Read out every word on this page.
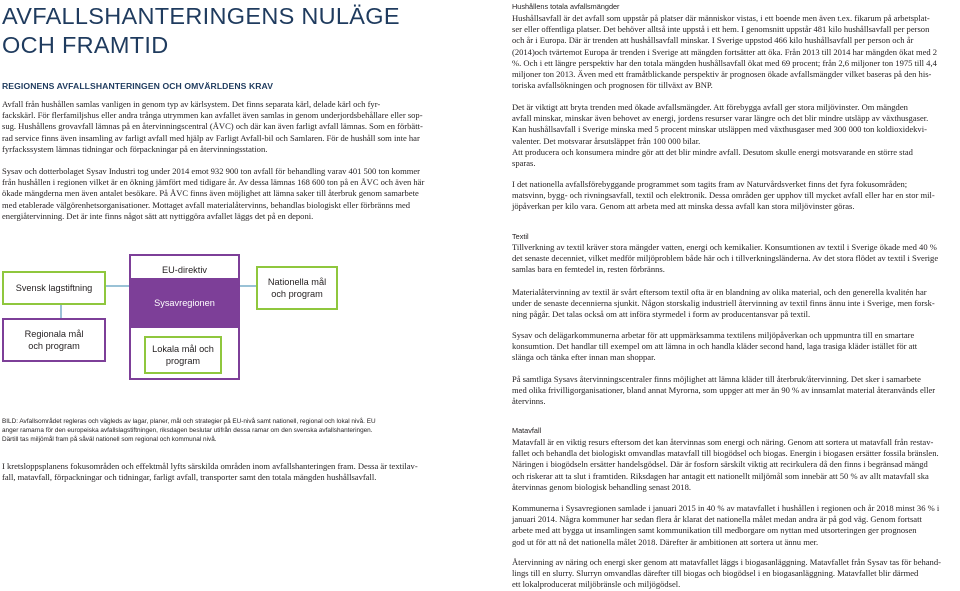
AVFALLSHANTERINGENS NULÄGE
OCH FRAMTID
REGIONENS AVFALLSHANTERINGEN OCH OMVÄRLDENS KRAV

Avfall från hushållen samlas vanligen in genom typ av kärlsystem. Det finns separata kärl, delade kärl och fyr-
fackskärl. För flerfamiljshus eller andra trånga utrymmen kan avfallet även samlas in genom underjordsbehållare eller sop-
sug. Hushållens grovavfall lämnas på en återvinningscentral (ÅVC) och där kan även farligt avfall lämnas. Som en förbätt-
rad service finns även insamling av farligt avfall med hjälp av Farligt Avfall-bil och Samlaren. För de hushåll som inte har
fyrfackssystem lämnas tidningar och förpackningar på en återvinningsstation.

Sysav och dotterbolaget Sysav Industri tog under 2014 emot 932 900 ton avfall för behandling varav 401 500 ton kommer
från hushållen i regionen vilket är en ökning jämfört med tidigare år. Av dessa lämnas 168 600 ton på en ÅVC och även här
ökade mängderna men även antalet besökare. På ÅVC finns även möjlighet att lämna saker till återbruk genom samarbete
med etablerade välgörenhetsorganisationer. Mottaget avfall materialåtervinns, behandlas biologiskt eller förbränns med
energiåtervinning. Det är inte finns något sätt att nyttiggöra avfallet läggs det på en deponi.

Svensk lagstiftning
EU-direktiv
Sysavregionen
Lokala mål och
program
Nationella mål
och program
Regionala mål
och program
BILD: Avfallsområdet regleras och vägleds av lagar, planer, mål och strategier på EU-nivå samt nationell, regional och lokal nivå. EU
anger ramarna för den europeiska avfallslagstiftningen, riksdagen beslutar utifrån dessa ramar om den svenska avfallshanteringen.
Därtill tas miljömål fram på såväl nationell som regional och kommunal nivå.

I kretsloppsplanens fokusområden och effektmål lyfts särskilda områden inom avfallshanteringen fram. Dessa är textilav-
fall, matavfall, förpackningar och tidningar, farligt avfall, transporter samt den totala mängden hushållsavfall.

Hushållens totala avfallsmängder

Hushållsavfall är det avfall som uppstår på platser där människor vistas, i ett boende men även t.ex. fikarum på arbetsplat-
ser eller offentliga platser. Det behöver alltså inte uppstå i ett hem. I genomsnitt uppstår 481 kilo hushållsavfall per person
och år i Europa. Där är trenden att hushållsavfall minskar. I Sverige uppstod 466 kilo hushållsavfall per person och år
(2014)och tvärtemot Europa är trenden i Sverige att mängden fortsätter att öka. Från 2013 till 2014 har mängden ökat med 2
%. Och i ett längre perspektiv har den totala mängden hushållsavfall ökat med 69 procent; från 2,6 miljoner ton 1975 till 4,4
miljoner ton 2013. Även med ett framåtblickande perspektiv är prognosen ökade avfallsmängder vilket baseras på den his-
toriska avfallsökningen och prognosen för tillväxt av BNP.

Det är viktigt att bryta trenden med ökade avfallsmängder. Att förebygga avfall ger stora miljövinster. Om mängden
avfall minskar, minskar även behovet av energi, jordens resurser varar längre och det blir mindre utsläpp av växthusgaser.
Kan hushållsavfall i Sverige minska med 5 procent minskar utsläppen med växthusgaser med 300 000 ton koldioxidekvi-
valenter. Det motsvarar årsutsläppet från 100 000 bilar.
Att producera och konsumera mindre gör att det blir mindre avfall. Desutom skulle energi motsvarande en större stad
sparas.

I det nationella avfallsförebyggande programmet som tagits fram av Naturvårdsverket finns det fyra fokusområden;
matsvinn, bygg- och rivningsavfall, textil och elektronik. Dessa områden ger upphov till mycket avfall eller har en stor mil-
jöpåverkan per kilo vara. Genom att arbeta med att minska dessa avfall kan stora miljövinster göras.

Textil

Tillverkning av textil kräver stora mängder vatten, energi och kemikalier. Konsumtionen av textil i Sverige ökade med 40 %
det senaste decenniet, vilket medför miljöproblem både här och i tillverkningsländerna. Av det stora flödet av textil i Sverige
samlas bara en femtedel in, resten förbränns.

Materialåtervinning av textil är svårt eftersom textil ofta är en blandning av olika material, och den generella kvalitén har
under de senaste decennierna sjunkit. Någon storskalig industriell återvinning av textil finns ännu inte i Sverige, men forsk-
ning pågår. Det talas också om att införa styrmedel i form av producentansvar på textil.

Sysav och delägarkommunerna arbetar för att uppmärksamma textilens miljöpåverkan och uppmuntra till en smartare
konsumtion. Det handlar till exempel om att lämna in och handla kläder second hand, laga trasiga kläder istället för att
slänga och tänka efter innan man shoppar.

På samtliga Sysavs återvinningscentraler finns möjlighet att lämna kläder till återbruk/återvinning. Det sker i samarbete
med olika frivilligorganisationer, bland annat Myrorna, som uppger att mer än 90 % av innsamlat material återanvänds eller
återvinns.

Matavfall

Matavfall är en viktig resurs eftersom det kan återvinnas som energi och näring. Genom att sortera ut matavfall från restav-
fallet och behandla det biologiskt omvandlas matavfall till biogödsel och biogas. Energin i biogasen ersätter fossila bränslen.
Näringen i biogödseln ersätter handelsgödsel. Där är fosforn särskilt viktig att recirkulera då den finns i begränsad mängd
och riskerar att ta slut i framtiden. Riksdagen har antagit ett nationellt miljömål som innebär att 50 % av allt matavfall ska
återvinnas genom biologisk behandling senast 2018.

Kommunerna i Sysavregionen samlade i januari 2015 in 40 % av matavfallet i hushållen i regionen och år 2018 minst 36 % i
januari 2014. Några kommuner har sedan flera år klarat det nationella målet medan andra är på god väg. Genom fortsatt
arbete med att bygga ut insamlingen samt kommunikation till medborgare om nyttan med utsorteringen ger prognosen
god ut för att nå det nationella målet 2018. Därefter är ambitionen att sortera ut ännu mer.

Återvinning av näring och energi sker genom att matavfallet läggs i biogasanläggning. Matavfallet från Sysav tas för behand-
lings till en slurry. Slurryn omvandlas därefter till biogas och biogödsel i en biogasanläggning. Matavfallet blir därmed
ett lokalproducerat miljöbränsle och miljögödsel.
